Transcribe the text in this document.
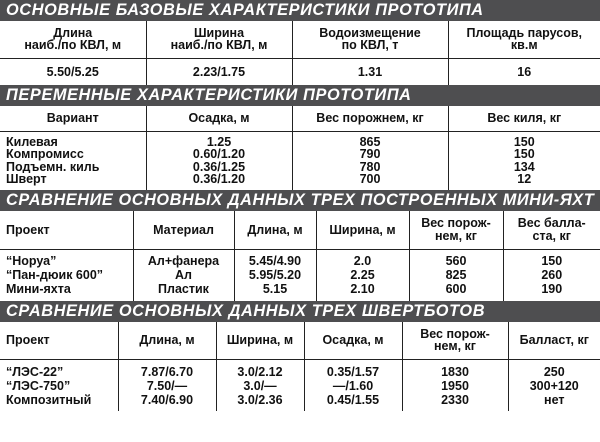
ОСНОВНЫЕ БАЗОВЫЕ ХАРАКТЕРИСТИКИ ПРОТОТИПА
Длина
наиб./по КВЛ, м	Ширина
наиб./по КВЛ, м	Водоизмещение
по КВЛ, т	Площадь парусов,
кв.м

5.50/5.25	2.23/1.75	1.31	16
ПЕРЕМЕННЫЕ ХАРАКТЕРИСТИКИ ПРОТОТИПА
Вариант	Осадка, м	Вес порожнем, кг	Вес киля, кг
Килевая	1.25	865	150
Компромисс	0.60/1.20	790	150
Подъемн. киль	0.36/1.25	780	134
Шверт	0.36/1.20	700	12
СРАВНЕНИЕ ОСНОВНЫХ ДАННЫХ ТРЕХ ПОСТРОЕННЫХ МИНИ-ЯХТ
Проект	Материал	Длина, м	Ширина, м	Вес порож-
нем, кг	Вес балла-
ста, кг

“Норуа”	Ал+фанера	5.45/4.90	2.0	560	150
“Пан-дюик 600”	Ал	5.95/5.20	2.25	825	260
Мини-яхта	Пластик	5.15	2.10	600	190
СРАВНЕНИЕ ОСНОВНЫХ ДАННЫХ ТРЕХ ШВЕРТБОТОВ
Проект	Длина, м	Ширина, м	Осадка, м	Вес порож-
нем, кг	Балласт, кг
“ЛЭС-22”	7.87/6.70	3.0/2.12	0.35/1.57	1830	250
“ЛЭС-750”	7.50/—	3.0/—	—/1.60	1950	300+120
Композитный	7.40/6.90	3.0/2.36	0.45/1.55	2330	нет
